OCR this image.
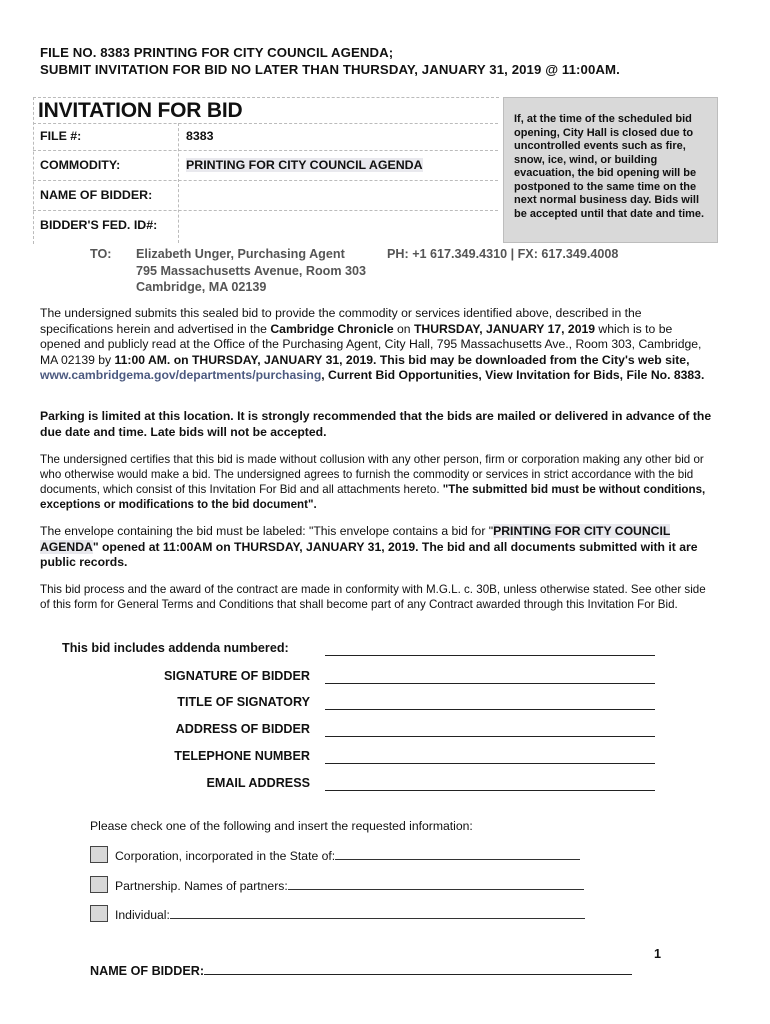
FILE NO. 8383 PRINTING FOR CITY COUNCIL AGENDA;
SUBMIT INVITATION FOR BID NO LATER THAN THURSDAY, JANUARY 31, 2019 @ 11:00AM.
INVITATION FOR BID
FILE #:	8383
COMMODITY:	PRINTING FOR CITY COUNCIL AGENDA
NAME OF BIDDER:
BIDDER'S FED. ID#:
If, at the time of the scheduled bid opening, City Hall is closed due to uncontrolled events such as fire, snow, ice, wind, or building evacuation, the bid opening will be postponed to the same time on the next normal business day. Bids will be accepted until that date and time.
TO: Elizabeth Unger, Purchasing Agent
795 Massachusetts Avenue, Room 303
Cambridge, MA 02139
PH: +1 617.349.4310 | FX: 617.349.4008
The undersigned submits this sealed bid to provide the commodity or services identified above, described in the specifications herein and advertised in the Cambridge Chronicle on THURSDAY, JANUARY 17, 2019 which is to be opened and publicly read at the Office of the Purchasing Agent, City Hall, 795 Massachusetts Ave., Room 303, Cambridge, MA 02139 by 11:00 AM. on THURSDAY, JANUARY 31, 2019. This bid may be downloaded from the City's web site, www.cambridgema.gov/departments/purchasing, Current Bid Opportunities, View Invitation for Bids, File No. 8383.
Parking is limited at this location. It is strongly recommended that the bids are mailed or delivered in advance of the due date and time. Late bids will not be accepted.
The undersigned certifies that this bid is made without collusion with any other person, firm or corporation making any other bid or who otherwise would make a bid. The undersigned agrees to furnish the commodity or services in strict accordance with the bid documents, which consist of this Invitation For Bid and all attachments hereto. "The submitted bid must be without conditions, exceptions or modifications to the bid document".
The envelope containing the bid must be labeled: "This envelope contains a bid for "PRINTING FOR CITY COUNCIL AGENDA" opened at 11:00AM on THURSDAY, JANUARY 31, 2019. The bid and all documents submitted with it are public records.
This bid process and the award of the contract are made in conformity with M.G.L. c. 30B, unless otherwise stated. See other side of this form for General Terms and Conditions that shall become part of any Contract awarded through this Invitation For Bid.
This bid includes addenda numbered:
SIGNATURE OF BIDDER
TITLE OF SIGNATORY
ADDRESS OF BIDDER
TELEPHONE NUMBER
EMAIL ADDRESS
Please check one of the following and insert the requested information:
Corporation, incorporated in the State of:
Partnership. Names of partners:
Individual:
1
NAME OF BIDDER:
